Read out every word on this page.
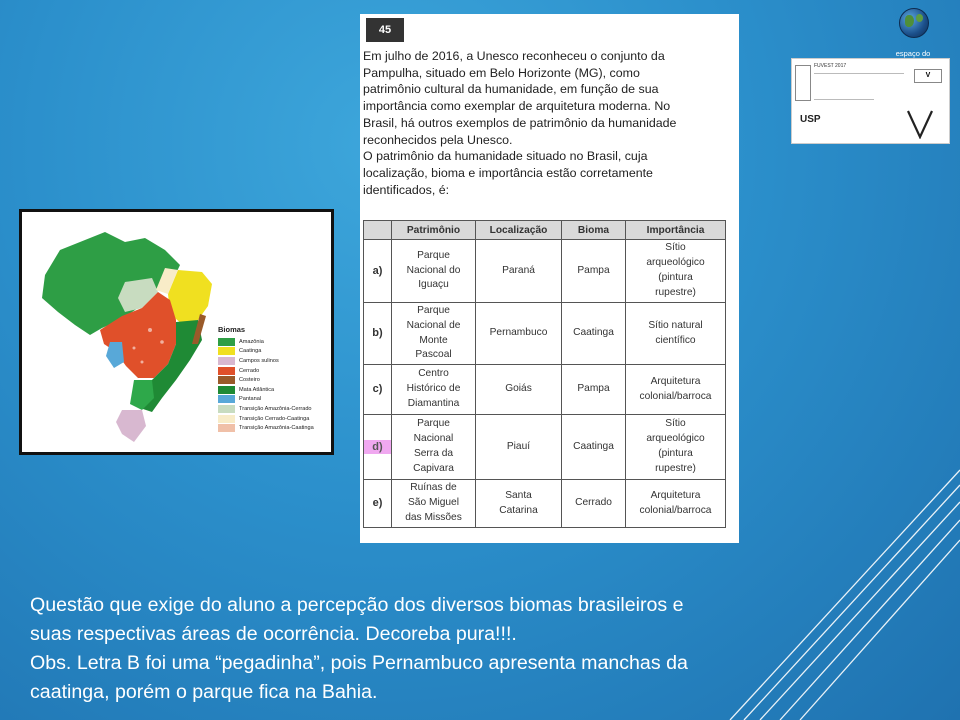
Biomas
Amazônia
Caatinga
Campos sulinos
Cerrado
Costeiro
Mata Atlântica
Pantanal
Transição Amazônia-Cerrado
Transição Cerrado-Caatinga
Transição Amazônia-Caatinga
45

Em julho de 2016, a Unesco reconheceu o conjunto da
Pampulha, situado em Belo Horizonte (MG), como
patrimônio cultural da humanidade, em função de sua
importância como exemplar de arquitetura moderna. No
Brasil, há outros exemplos de patrimônio da humanidade
reconhecidos pela Unesco.
O patrimônio da humanidade situado no Brasil, cuja
localização, bioma e importância estão corretamente
identificados, é:

	Patrimônio	Localização	Bioma	Importância
a)	Parque
Nacional do
Iguaçu	Paraná	Pampa	Sítio
arqueológico
(pintura
rupestre)

b)	Parque
Nacional de
Monte
Pascoal	Pernambuco	Caatinga	Sítio natural
científico

c)	Centro
Histórico de
Diamantina	Goiás	Pampa	Arquitetura
colonial/barroca

d)	Parque
Nacional
Serra da
Capivara	Piauí	Caatinga	Sítio
arqueológico
(pintura
rupestre)

e)	Ruínas de
São Miguel
das Missões	Santa
Catarina	Cerrado	Arquitetura
colonial/barroca
espaço do
FUVEST 2017
V
USP

Questão que exige do aluno a percepção dos diversos biomas brasileiros e
suas respectivas áreas de ocorrência. Decoreba pura!!!.
Obs. Letra B foi uma “pegadinha”, pois Pernambuco apresenta manchas da
caatinga, porém o parque fica na Bahia.
